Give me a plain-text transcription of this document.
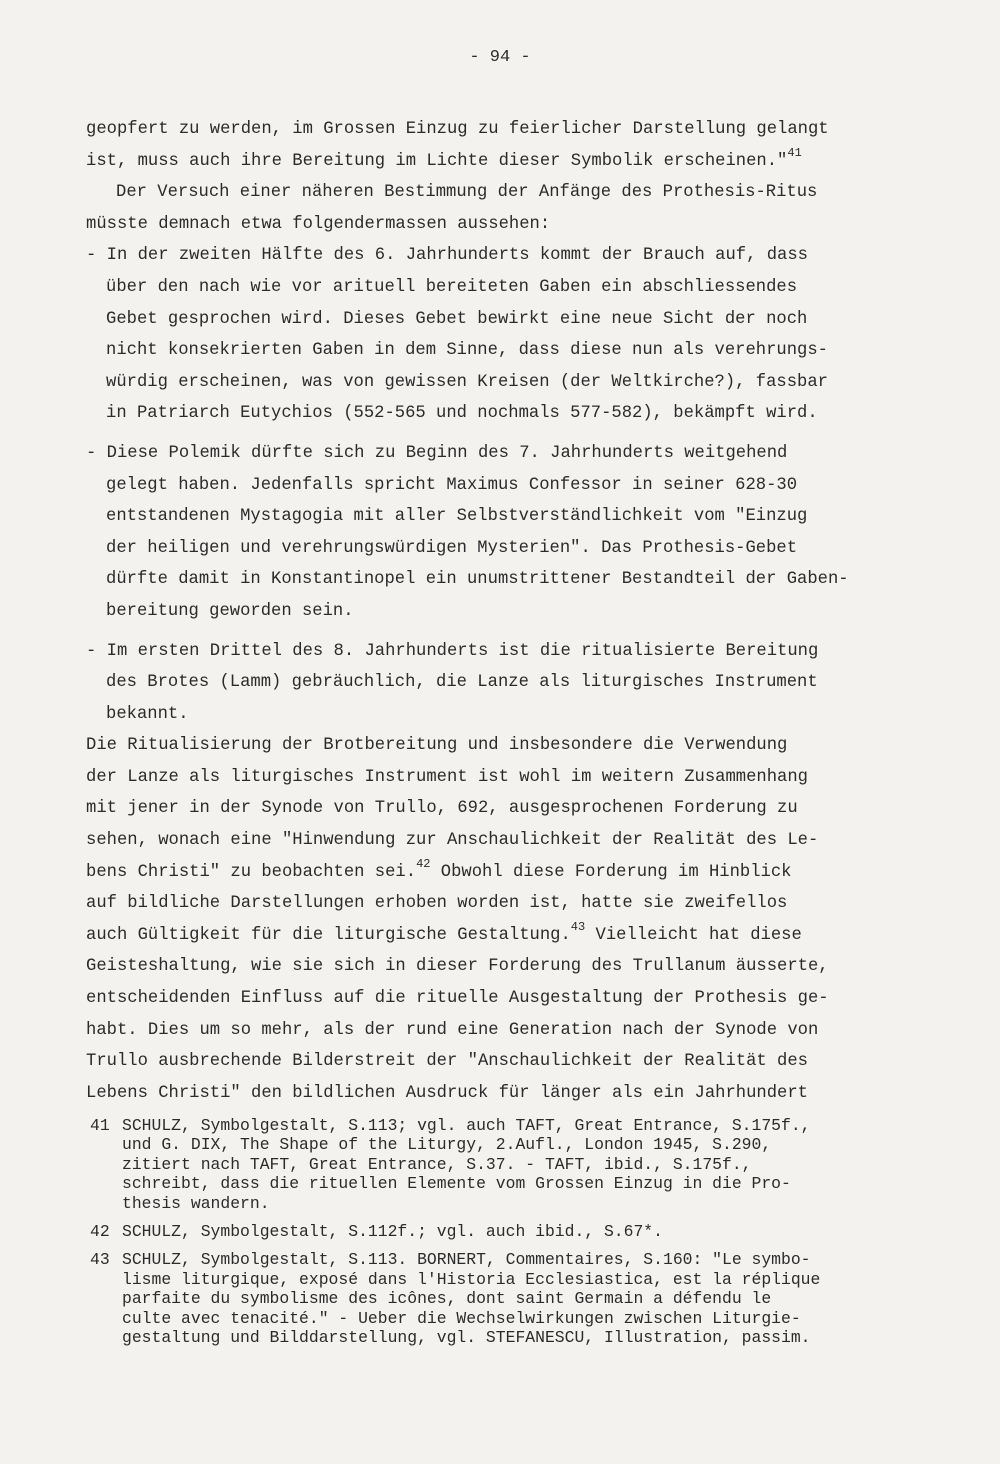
- 94 -
geopfert zu werden, im Grossen Einzug zu feierlicher Darstellung gelangt
ist, muss auch ihre Bereitung im Lichte dieser Symbolik erscheinen."$^{41}$
Der Versuch einer näheren Bestimmung der Anfänge des Prothesis-Ritus
müsste demnach etwa folgendermassen aussehen:
- In der zweiten Hälfte des 6. Jahrhunderts kommt der Brauch auf, dass
über den nach wie vor arituell bereiteten Gaben ein abschliessendes
Gebet gesprochen wird. Dieses Gebet bewirkt eine neue Sicht der noch
nicht konsekrierten Gaben in dem Sinne, dass diese nun als verehrungs-
würdig erscheinen, was von gewissen Kreisen (der Weltkirche?), fassbar
in Patriarch Eutychios (552-565 und nochmals 577-582), bekämpft wird.
- Diese Polemik dürfte sich zu Beginn des 7. Jahrhunderts weitgehend
gelegt haben. Jedenfalls spricht Maximus Confessor in seiner 628-30
entstandenen Mystagogia mit aller Selbstverständlichkeit vom "Einzug
der heiligen und verehrungswürdigen Mysterien". Das Prothesis-Gebet
dürfte damit in Konstantinopel ein unumstrittener Bestandteil der Gaben-
bereitung geworden sein.
- Im ersten Drittel des 8. Jahrhunderts ist die ritualisierte Bereitung
des Brotes (Lamm) gebräuchlich, die Lanze als liturgisches Instrument
bekannt.
Die Ritualisierung der Brotbereitung und insbesondere die Verwendung
der Lanze als liturgisches Instrument ist wohl im weitern Zusammenhang
mit jener in der Synode von Trullo, 692, ausgesprochenen Forderung zu
sehen, wonach eine "Hinwendung zur Anschaulichkeit der Realität des Le-
bens Christi" zu beobachten sei.$^{42}$ Obwohl diese Forderung im Hinblick
auf bildliche Darstellungen erhoben worden ist, hatte sie zweifellos
auch Gültigkeit für die liturgische Gestaltung.$^{43}$ Vielleicht hat diese
Geisteshaltung, wie sie sich in dieser Forderung des Trullanum äusserte,
entscheidenden Einfluss auf die rituelle Ausgestaltung der Prothesis ge-
habt. Dies um so mehr, als der rund eine Generation nach der Synode von
Trullo ausbrechende Bilderstreit der "Anschaulichkeit der Realität des
Lebens Christi" den bildlichen Ausdruck für länger als ein Jahrhundert
41 SCHULZ, Symbolgestalt, S.113; vgl. auch TAFT, Great Entrance, S.175f.,
und G. DIX, The Shape of the Liturgy, 2.Aufl., London 1945, S.290,
zitiert nach TAFT, Great Entrance, S.37. - TAFT, ibid., S.175f.,
schreibt, dass die rituellen Elemente vom Grossen Einzug in die Pro-
thesis wandern.
42 SCHULZ, Symbolgestalt, S.112f.; vgl. auch ibid., S.67*.
43 SCHULZ, Symbolgestalt, S.113. BORNERT, Commentaires, S.160: "Le symbo-
lisme liturgique, exposé dans l'Historia Ecclesiastica, est la réplique
parfaite du symbolisme des icônes, dont saint Germain a défendu le
culte avec tenacité." - Ueber die Wechselwirkungen zwischen Liturgie-
gestaltung und Bilddarstellung, vgl. STEFANESCU, Illustration, passim.
